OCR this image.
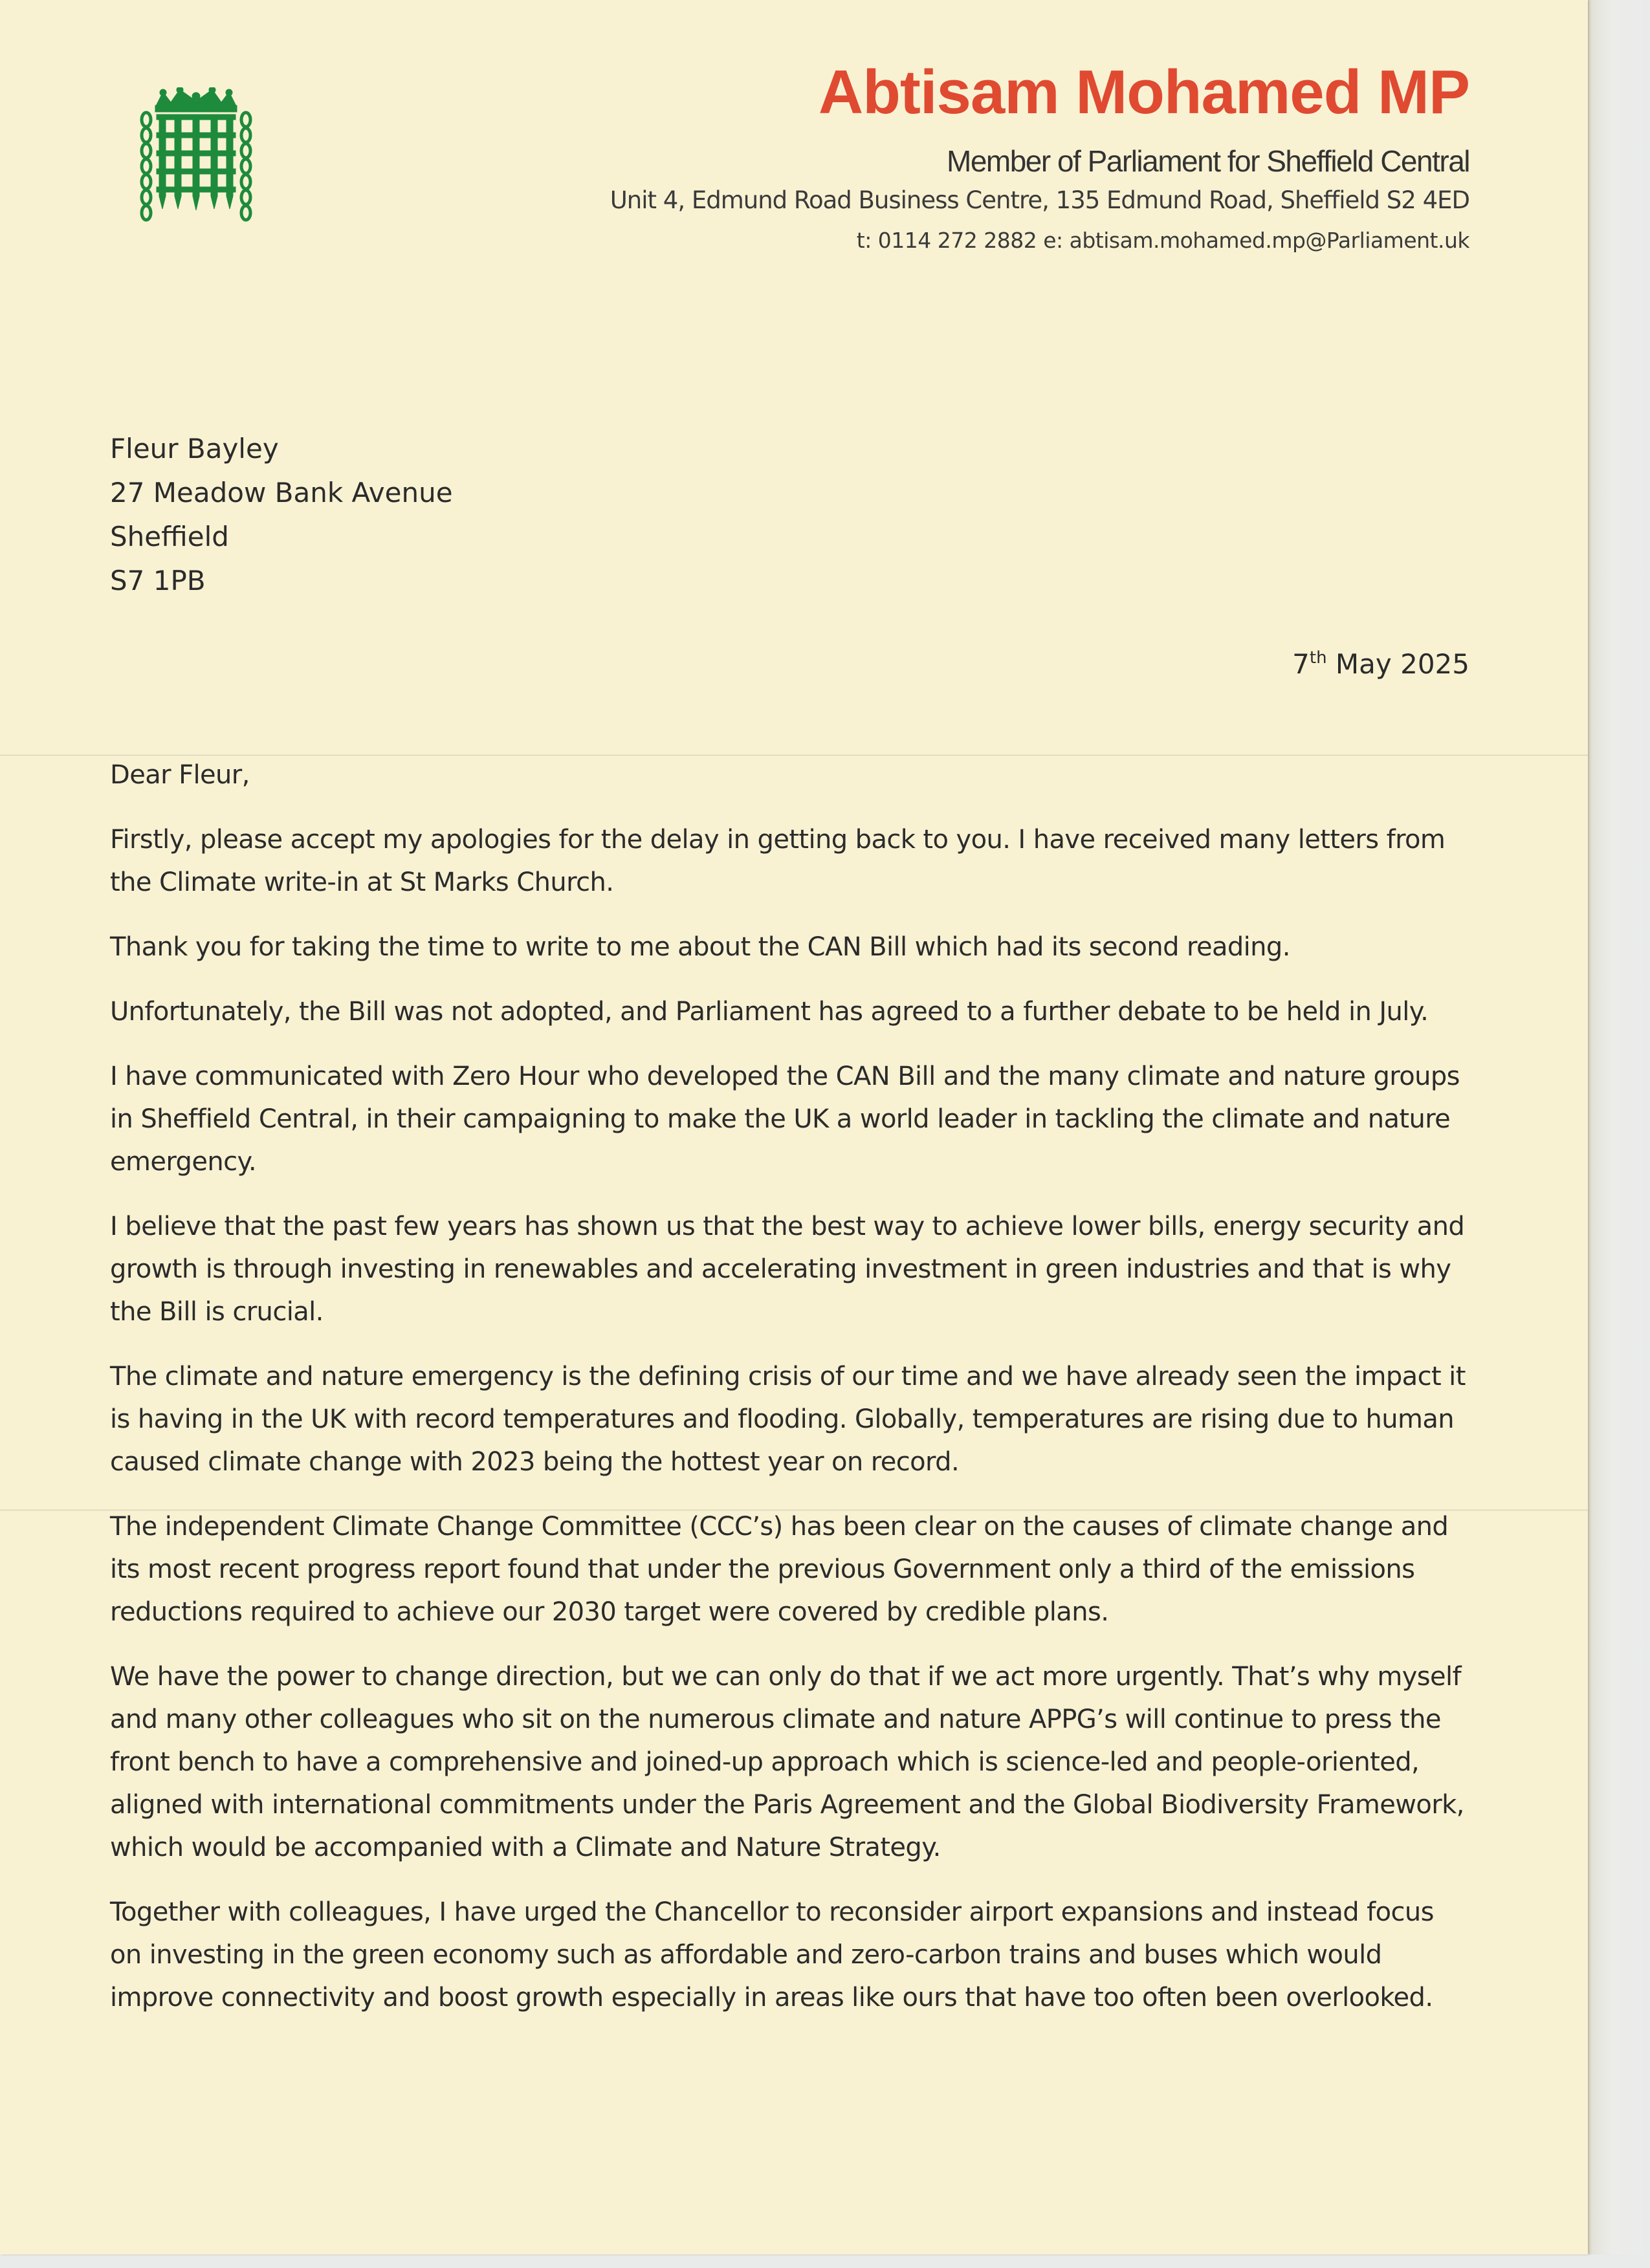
Abtisam Mohamed MP
Member of Parliament for Sheffield Central
Unit 4, Edmund Road Business Centre, 135 Edmund Road, Sheffield S2 4ED
t: 0114 272 2882 e: abtisam.mohamed.mp@Parliament.uk
Fleur Bayley
27 Meadow Bank Avenue
Sheffield
S7 1PB
7th May 2025

Dear Fleur,

Firstly, please accept my apologies for the delay in getting back to you. I have received many letters from the Climate write-in at St Marks Church.

Thank you for taking the time to write to me about the CAN Bill which had its second reading.

Unfortunately, the Bill was not adopted, and Parliament has agreed to a further debate to be held in July.

I have communicated with Zero Hour who developed the CAN Bill and the many climate and nature groups in Sheffield Central, in their campaigning to make the UK a world leader in tackling the climate and nature emergency.

I believe that the past few years has shown us that the best way to achieve lower bills, energy security and growth is through investing in renewables and accelerating investment in green industries and that is why the Bill is crucial.

The climate and nature emergency is the defining crisis of our time and we have already seen the impact it is having in the UK with record temperatures and flooding. Globally, temperatures are rising due to human caused climate change with 2023 being the hottest year on record.

The independent Climate Change Committee (CCC’s) has been clear on the causes of climate change and its most recent progress report found that under the previous Government only a third of the emissions reductions required to achieve our 2030 target were covered by credible plans.

We have the power to change direction, but we can only do that if we act more urgently. That’s why myself and many other colleagues who sit on the numerous climate and nature APPG’s will continue to press the front bench to have a comprehensive and joined-up approach which is science-led and people-oriented, aligned with international commitments under the Paris Agreement and the Global Biodiversity Framework, which would be accompanied with a Climate and Nature Strategy.

Together with colleagues, I have urged the Chancellor to reconsider airport expansions and instead focus on investing in the green economy such as affordable and zero-carbon trains and buses which would improve connectivity and boost growth especially in areas like ours that have too often been overlooked.
